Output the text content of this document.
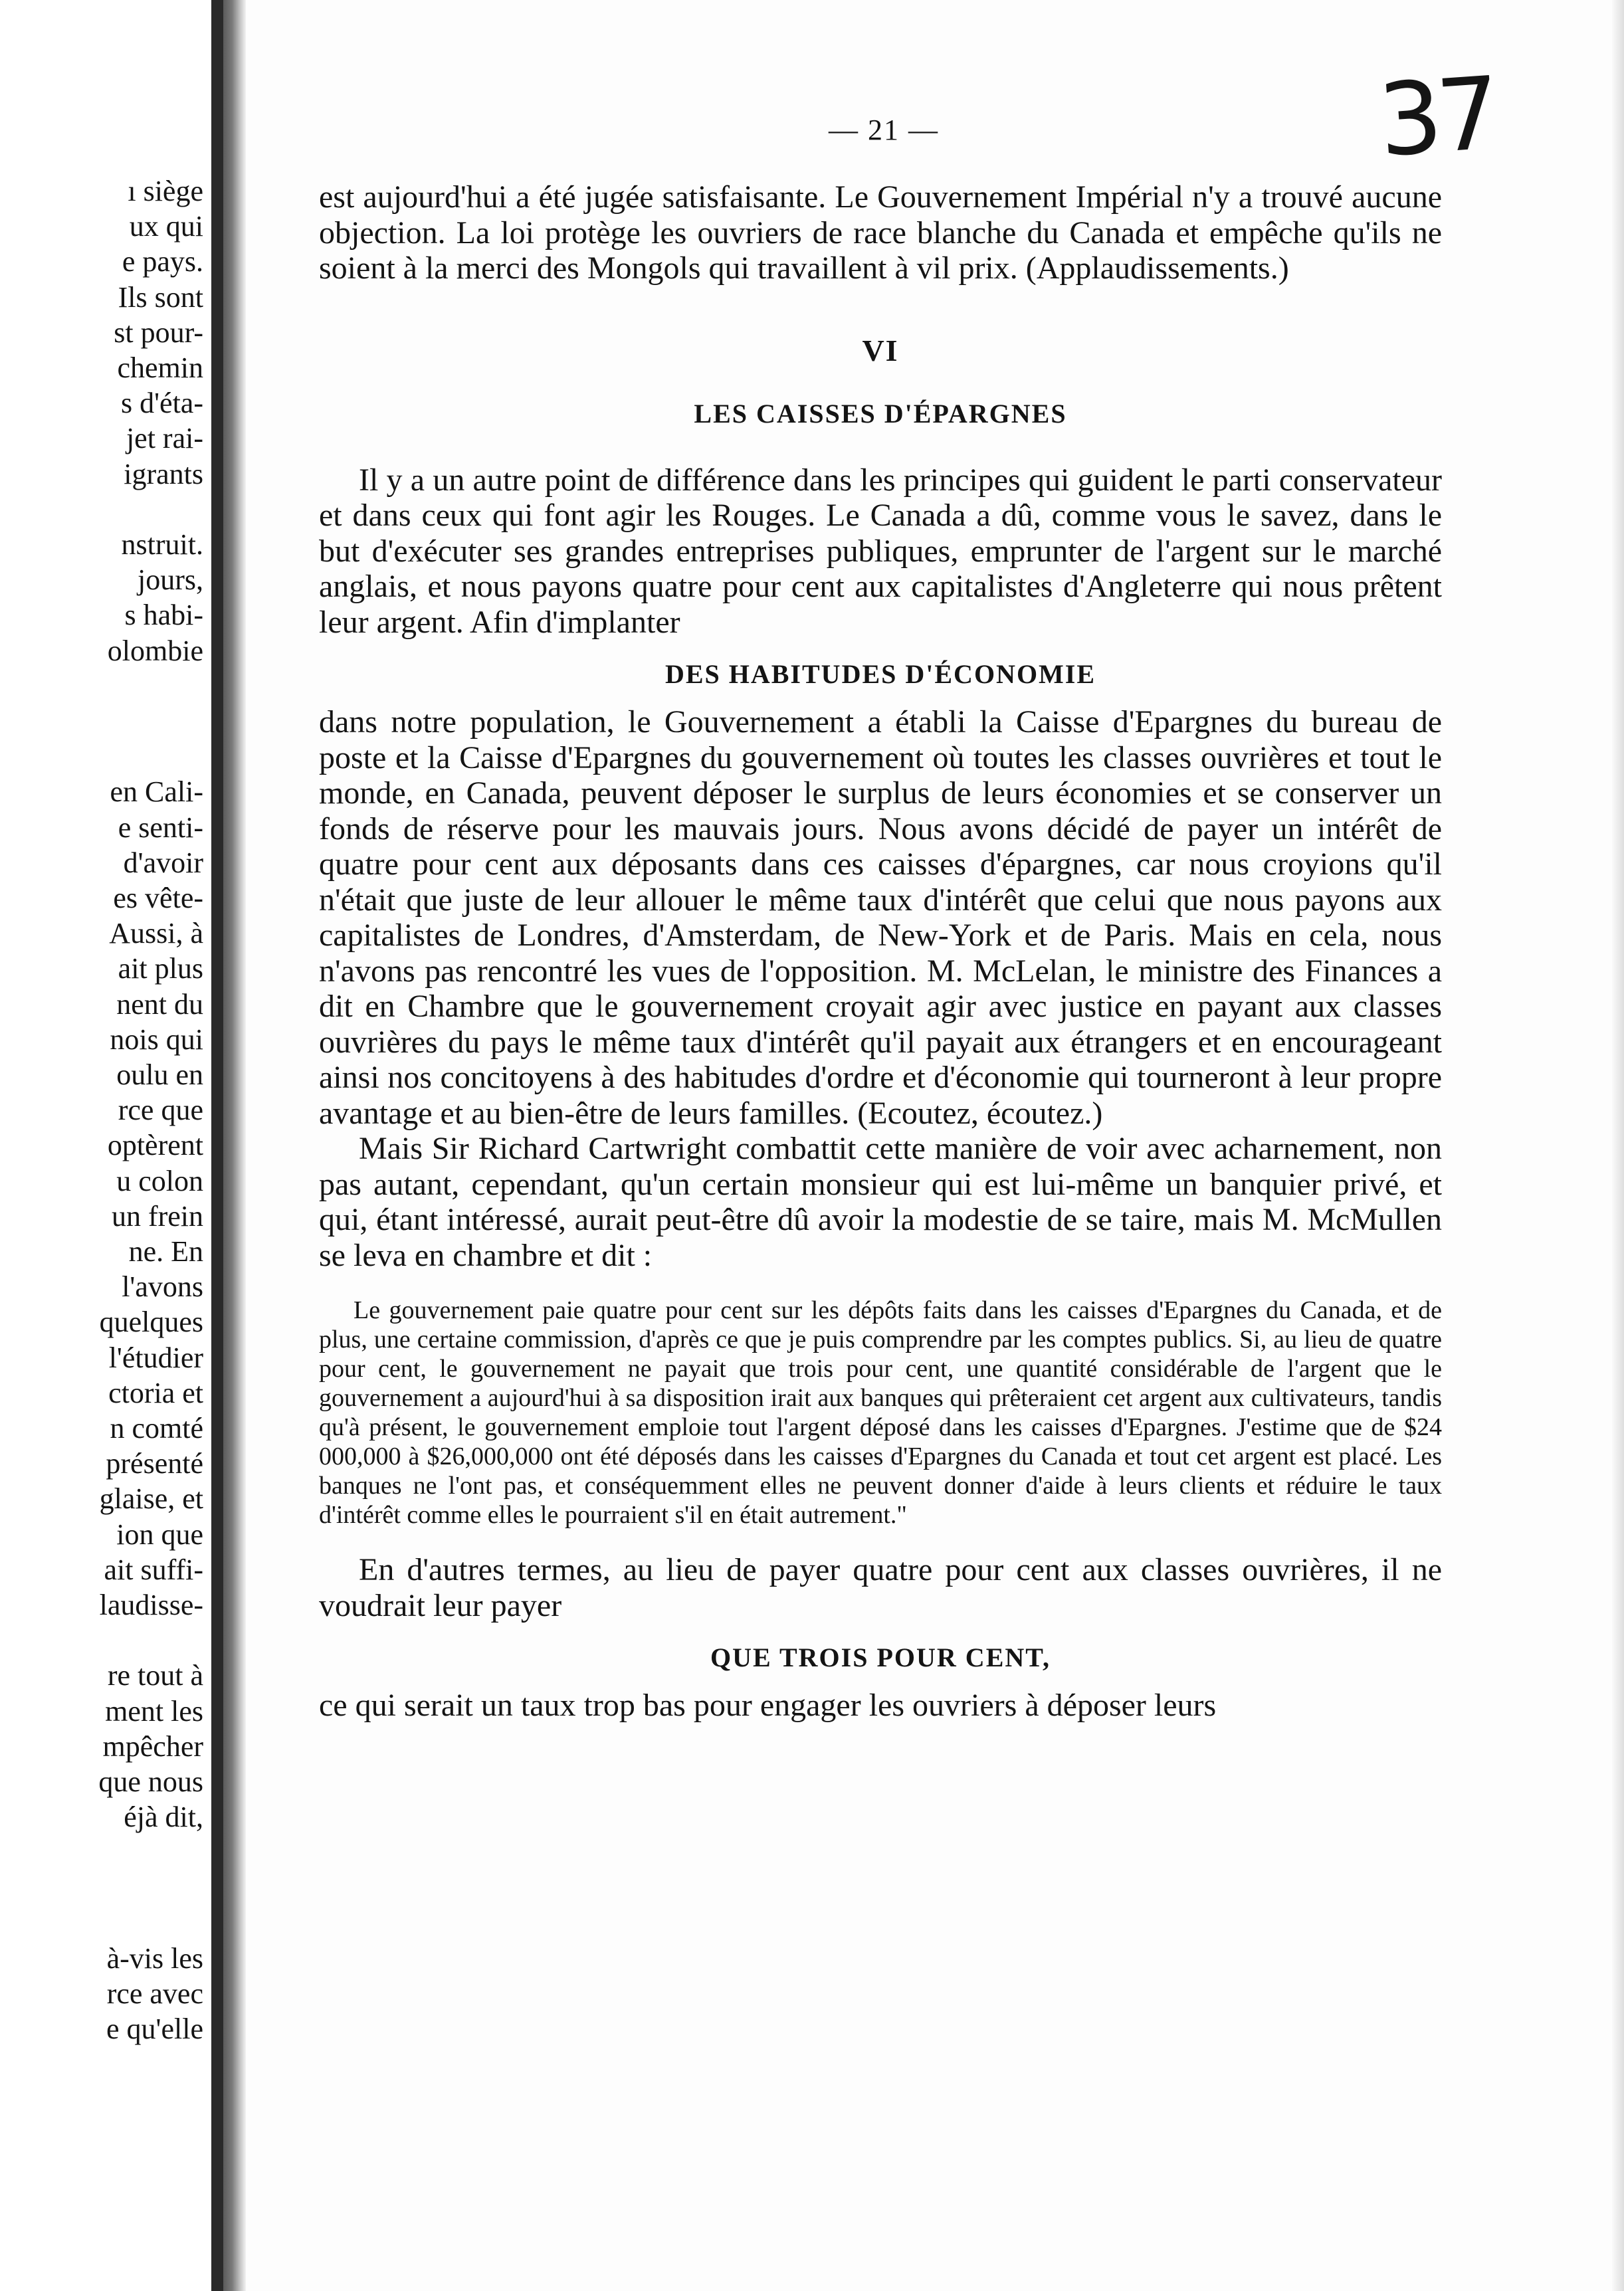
ı siège
ux qui
e pays.
Ils sont
st pour-
chemin
s d'éta-
jet rai-
igrants
nstruit.
jours,
s habi-
olombie
en Cali-
e senti-
d'avoir
es vête-
Aussi, à
ait plus
nent du
nois qui
oulu en
rce que
optèrent
u colon
un frein
ne. En
l'avons
quelques
l'étudier
ctoria et
n comté
présenté
glaise, et
ion que
ait suffi-
laudisse-
re tout à
ment les
mpêcher
que nous
éjà dit,
à-vis les
rce avec
e qu'elle
— 21 —	37

est aujourd'hui a été jugée satisfaisante. Le Gouvernement Impérial n'y a trouvé aucune objection. La loi protège les ouvriers de race blanche du Canada et empêche qu'ils ne soient à la merci des Mongols qui travaillent à vil prix. (Applaudissements.)

VI

LES CAISSES D'ÉPARGNES

Il y a un autre point de différence dans les principes qui guident le parti conservateur et dans ceux qui font agir les Rouges. Le Canada a dû, comme vous le savez, dans le but d'exécuter ses grandes entreprises publiques, emprunter de l'argent sur le marché anglais, et nous payons quatre pour cent aux capitalistes d'Angleterre qui nous prêtent leur argent. Afin d'implanter

DES HABITUDES D'ÉCONOMIE

dans notre population, le Gouvernement a établi la Caisse d'Epargnes du bureau de poste et la Caisse d'Epargnes du gouvernement où toutes les classes ouvrières et tout le monde, en Canada, peuvent déposer le surplus de leurs économies et se conserver un fonds de réserve pour les mauvais jours. Nous avons décidé de payer un intérêt de quatre pour cent aux déposants dans ces caisses d'épargnes, car nous croyions qu'il n'était que juste de leur allouer le même taux d'intérêt que celui que nous payons aux capitalistes de Londres, d'Amsterdam, de New-York et de Paris. Mais en cela, nous n'avons pas rencontré les vues de l'opposition. M. McLelan, le ministre des Finances a dit en Chambre que le gouvernement croyait agir avec justice en payant aux classes ouvrières du pays le même taux d'intérêt qu'il payait aux étrangers et en encourageant ainsi nos concitoyens à des habitudes d'ordre et d'économie qui tourneront à leur propre avantage et au bien-être de leurs familles. (Ecoutez, écoutez.)

Mais Sir Richard Cartwright combattit cette manière de voir avec acharnement, non pas autant, cependant, qu'un certain monsieur qui est lui-même un banquier privé, et qui, étant intéressé, aurait peut-être dû avoir la modestie de se taire, mais M. McMullen se leva en chambre et dit :

Le gouvernement paie quatre pour cent sur les dépôts faits dans les caisses d'Epargnes du Canada, et de plus, une certaine commission, d'après ce que je puis comprendre par les comptes publics. Si, au lieu de quatre pour cent, le gouvernement ne payait que trois pour cent, une quantité considérable de l'argent que le gouvernement a aujourd'hui à sa disposition irait aux banques qui prêteraient cet argent aux cultivateurs, tandis qu'à présent, le gouvernement emploie tout l'argent déposé dans les caisses d'Epargnes. J'estime que de $24 000,000 à $26,000,000 ont été déposés dans les caisses d'Epargnes du Canada et tout cet argent est placé. Les banques ne l'ont pas, et conséquemment elles ne peuvent donner d'aide à leurs clients et réduire le taux d'intérêt comme elles le pourraient s'il en était autrement."

En d'autres termes, au lieu de payer quatre pour cent aux classes ouvrières, il ne voudrait leur payer

QUE TROIS POUR CENT,

ce qui serait un taux trop bas pour engager les ouvriers à déposer leurs
